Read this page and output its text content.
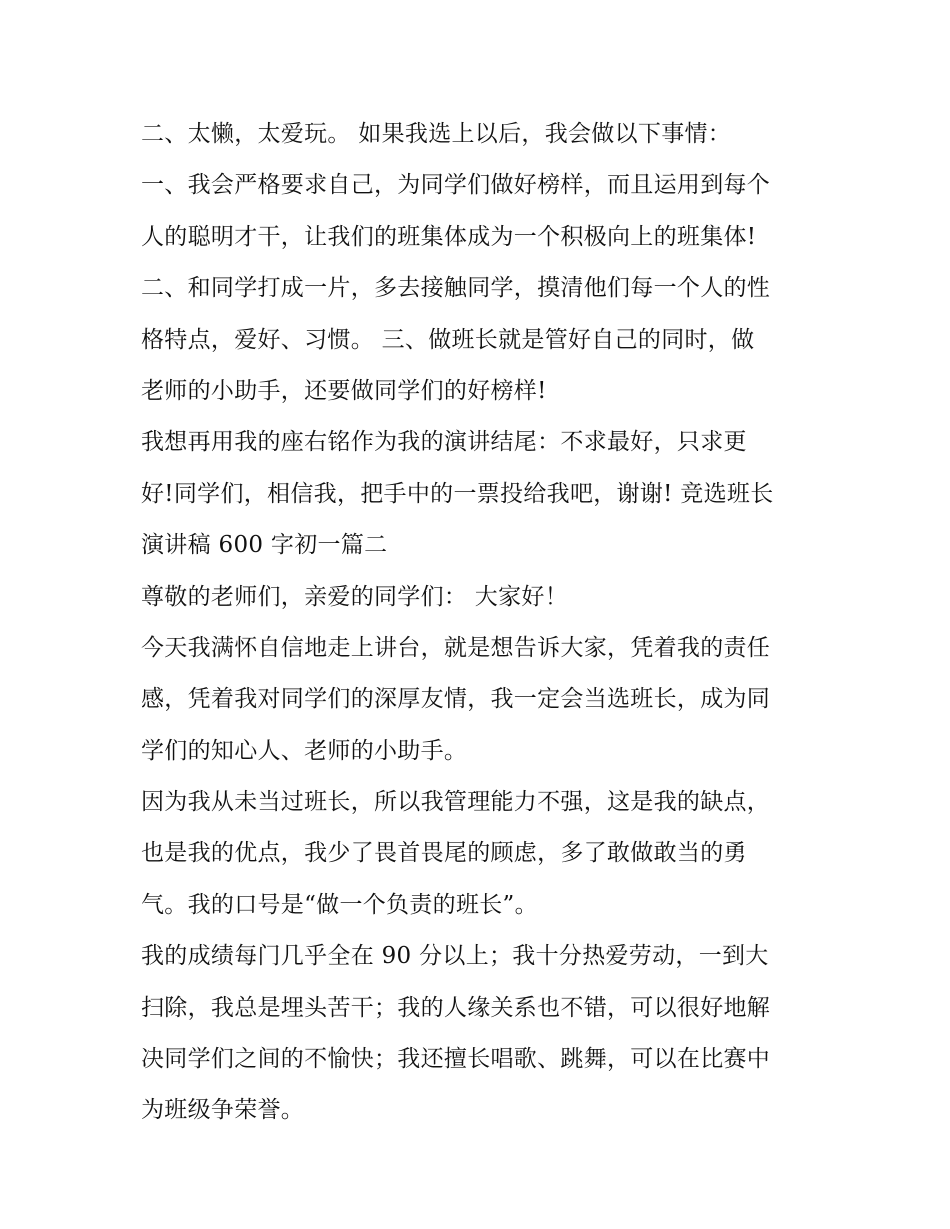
二、太懒，太爱玩。 如果我选上以后，我会做以下事情：
一、我会严格要求自己，为同学们做好榜样，而且运用到每个
人的聪明才干，让我们的班集体成为一个积极向上的班集体!
二、和同学打成一片，多去接触同学，摸清他们每一个人的性
格特点，爱好、习惯。 三、做班长就是管好自己的同时，做
老师的小助手，还要做同学们的好榜样!
我想再用我的座右铭作为我的演讲结尾：不求最好，只求更
好!同学们，相信我，把手中的一票投给我吧，谢谢! 竞选班长
演讲稿 600 字初一篇二
尊敬的老师们，亲爱的同学们： 大家好！
今天我满怀自信地走上讲台，就是想告诉大家，凭着我的责任
感，凭着我对同学们的深厚友情，我一定会当选班长，成为同
学们的知心人、老师的小助手。
因为我从未当过班长，所以我管理能力不强，这是我的缺点，
也是我的优点，我少了畏首畏尾的顾虑，多了敢做敢当的勇
气。我的口号是“做一个负责的班长”。
我的成绩每门几乎全在 90 分以上；我十分热爱劳动，一到大
扫除，我总是埋头苦干；我的人缘关系也不错，可以很好地解
决同学们之间的不愉快；我还擅长唱歌、跳舞，可以在比赛中
为班级争荣誉。
